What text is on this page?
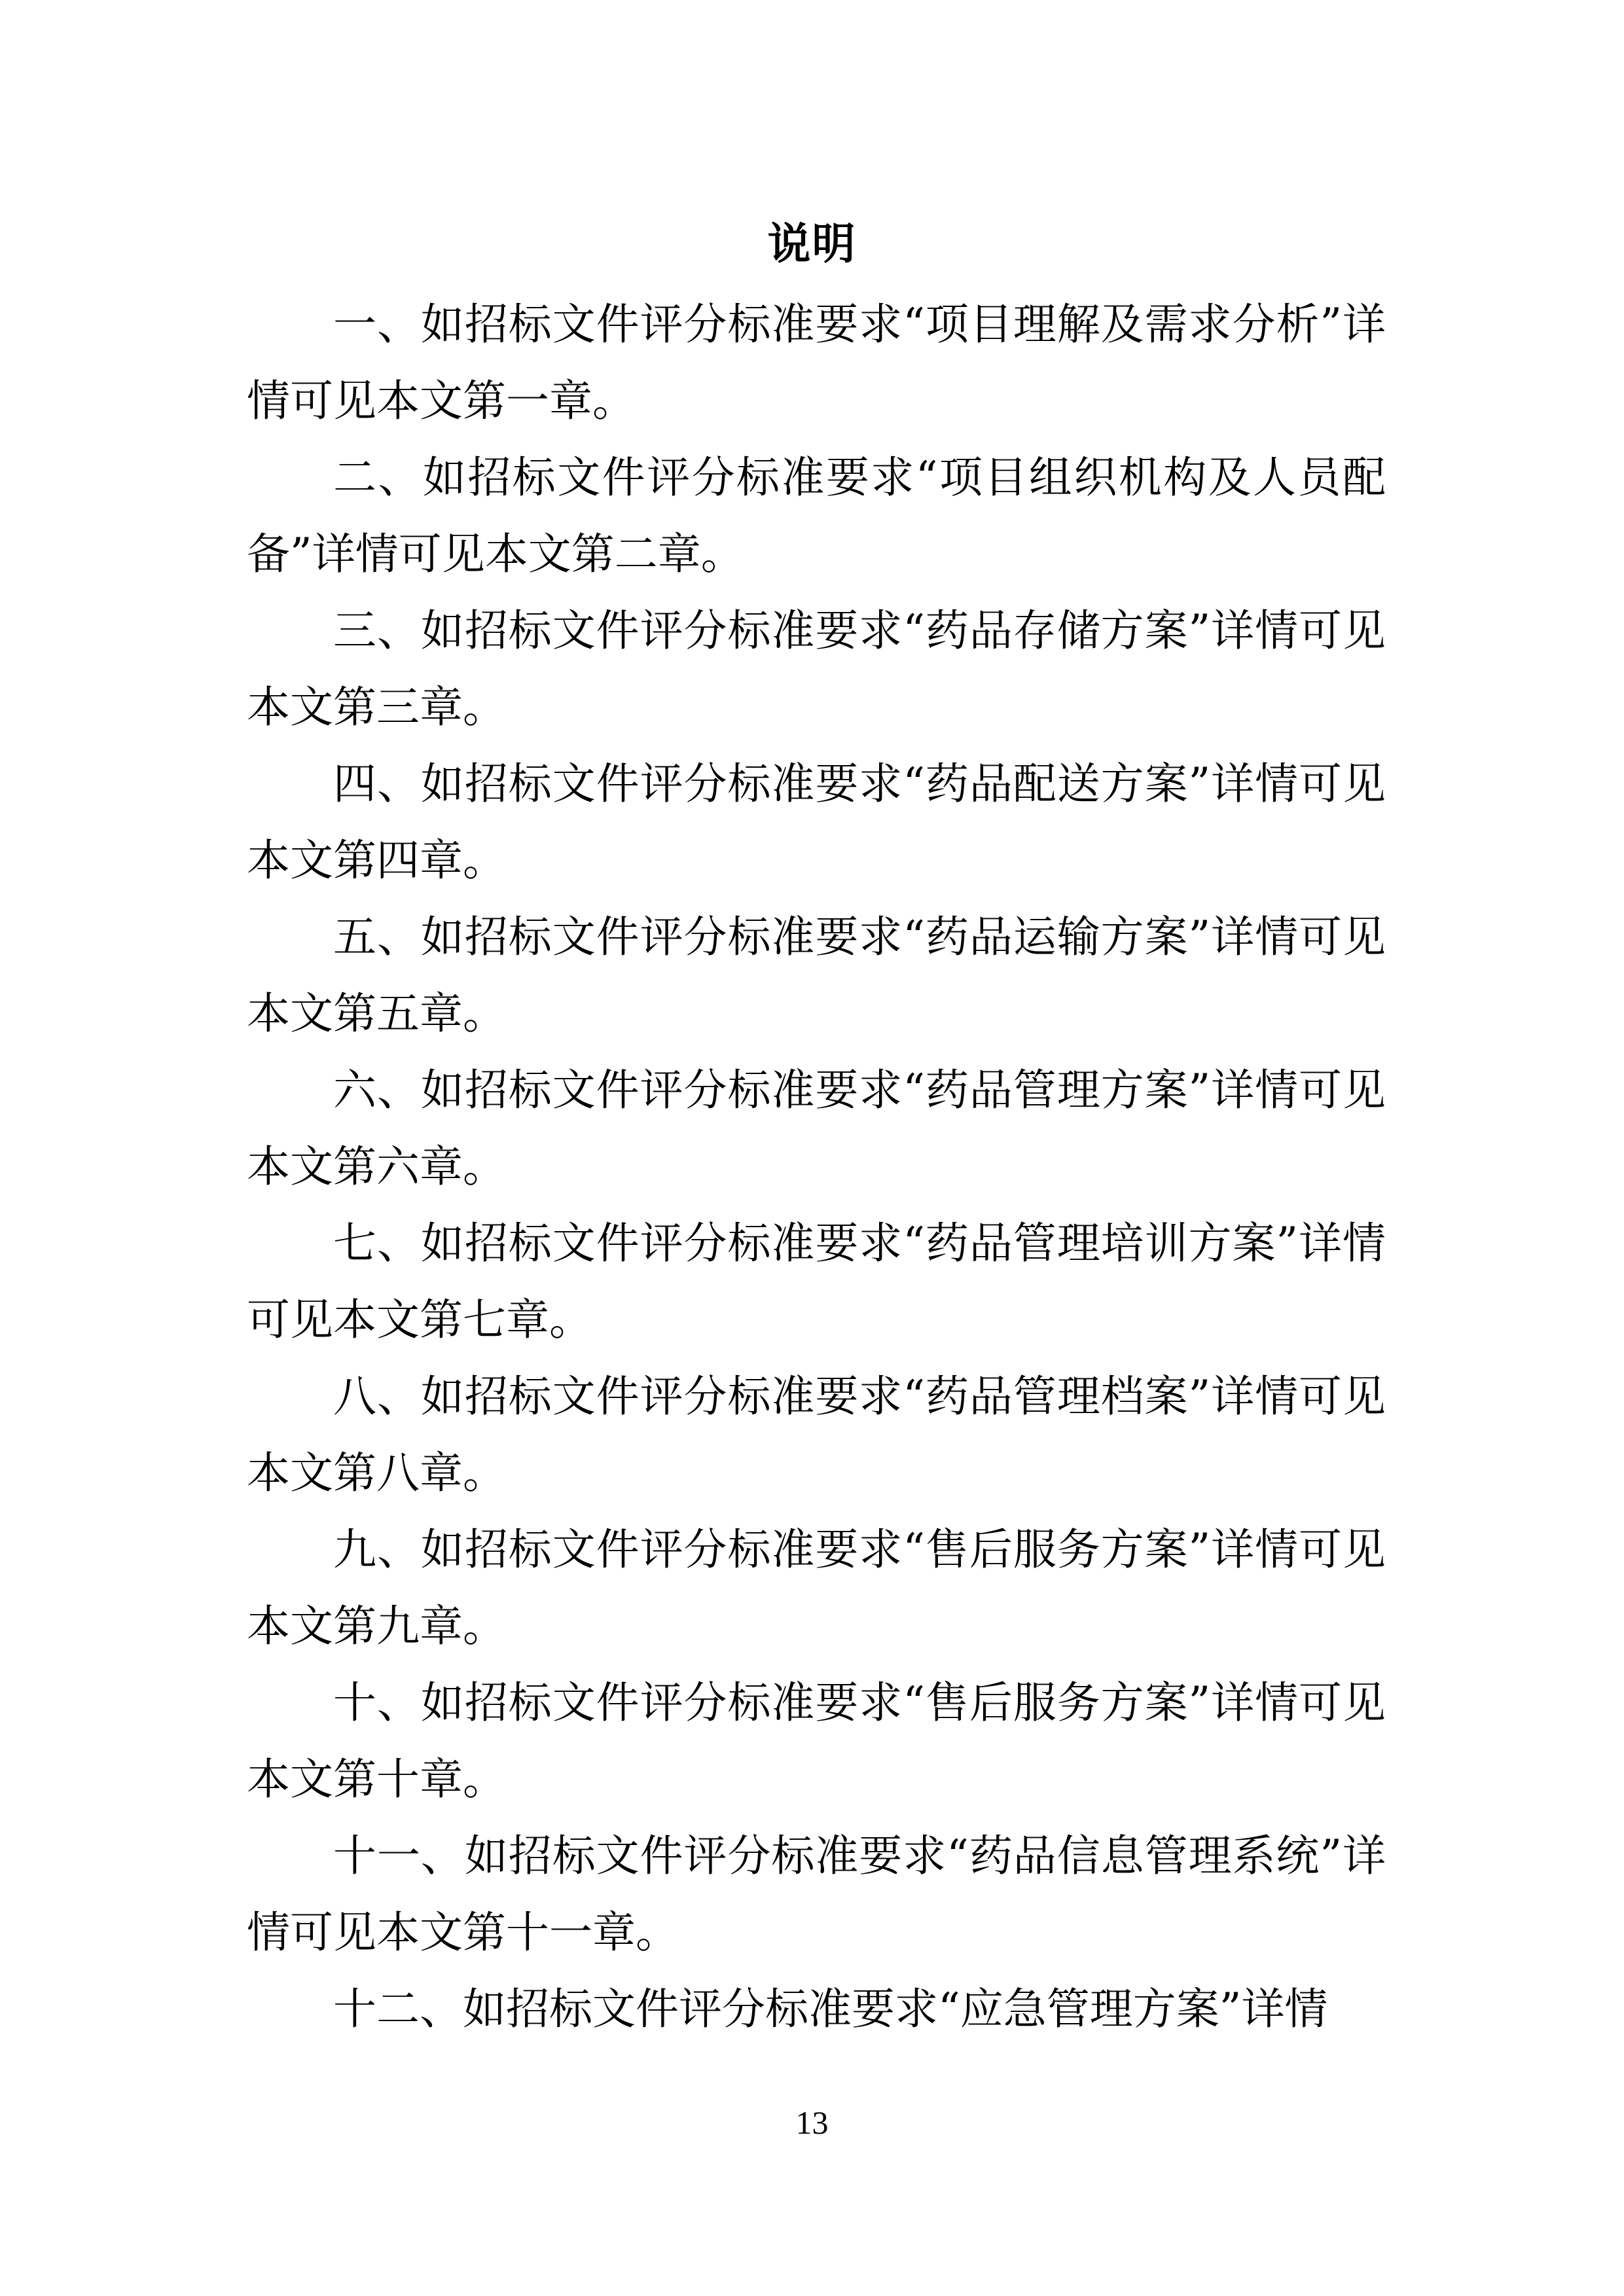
说明

一、如招标文件评分标准要求“项目理解及需求分析”详情可见本文第一章。

二、如招标文件评分标准要求“项目组织机构及人员配备”详情可见本文第二章。

三、如招标文件评分标准要求“药品存储方案”详情可见本文第三章。

四、如招标文件评分标准要求“药品配送方案”详情可见本文第四章。

五、如招标文件评分标准要求“药品运输方案”详情可见本文第五章。

六、如招标文件评分标准要求“药品管理方案”详情可见本文第六章。

七、如招标文件评分标准要求“药品管理培训方案”详情可见本文第七章。

八、如招标文件评分标准要求“药品管理档案”详情可见本文第八章。

九、如招标文件评分标准要求“售后服务方案”详情可见本文第九章。

十、如招标文件评分标准要求“售后服务方案”详情可见本文第十章。

十一、如招标文件评分标准要求“药品信息管理系统”详情可见本文第十一章。

十二、如招标文件评分标准要求“应急管理方案”详情

13
